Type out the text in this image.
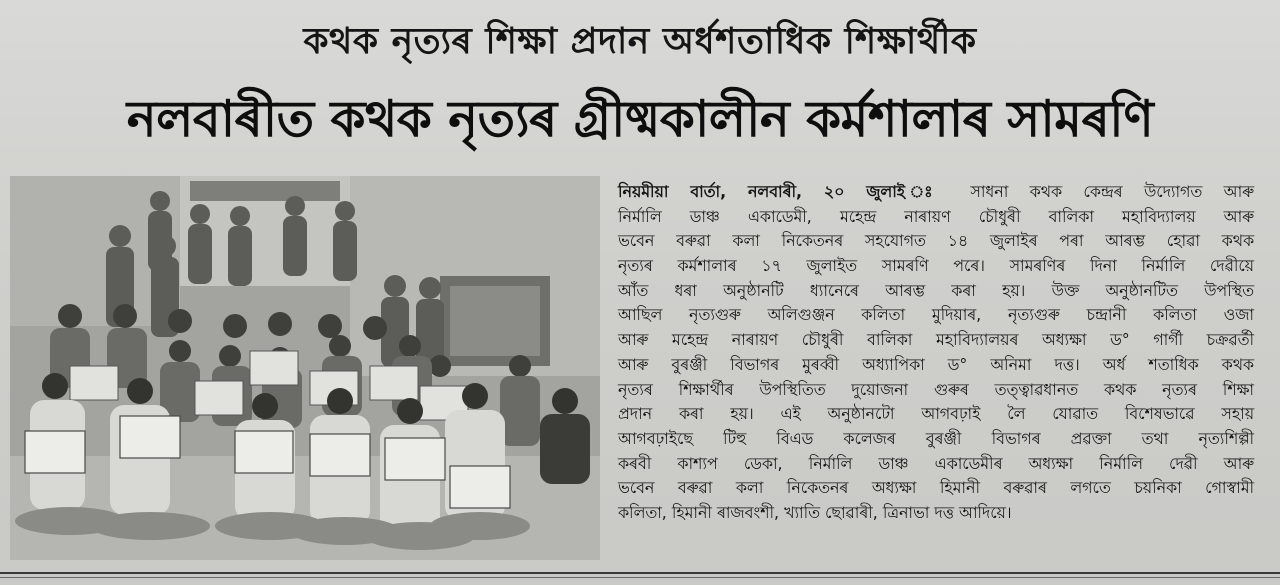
কথক নৃত্যৰ শিক্ষা প্ৰদান অৰ্ধশতাধিক শিক্ষাৰ্থীক
নলবাৰীত কথক নৃত্যৰ গ্ৰীষ্মকালীন কৰ্মশালাৰ সামৰণি
নিয়মীয়া বাৰ্তা, নলবাৰী, ২০ জুলাই ঃ সাধনা কথক কেন্দ্ৰৰ উদ্যোগত আৰু
নিৰ্মালি ডাঞ্চ একাডেমী, মহেন্দ্ৰ নাৰায়ণ চৌধুৰী বালিকা মহাবিদ্যালয় আৰু
ভবেন বৰুৱা কলা নিকেতনৰ সহযোগত ১৪ জুলাইৰ পৰা আৰম্ভ হোৱা কথক
নৃত্যৰ কৰ্মশালাৰ ১৭ জুলাইত সামৰণি পৰে। সামৰণিৰ দিনা নিৰ্মালি দেৱীয়ে
আঁত ধৰা অনুষ্ঠানটি ধ্যানেৰে আৰম্ভ কৰা হয়। উক্ত অনুষ্ঠানটিত উপস্থিত
আছিল নৃত্যগুৰু অলিগুঞ্জন কলিতা মুদিয়াৰ, নৃত্যগুৰু চন্দ্ৰানী কলিতা ওজা
আৰু মহেন্দ্ৰ নাৰায়ণ চৌধুৰী বালিকা মহাবিদ্যালয়ৰ অধ্যক্ষা ড° গাৰ্গী চক্ৰৱৰ্তী
আৰু বুৰঞ্জী বিভাগৰ মুৰব্বী অধ্যাপিকা ড° অনিমা দত্ত। অৰ্ধ শতাধিক কথক
নৃত্যৰ শিক্ষাৰ্থীৰ উপস্থিতিত দুয়োজনা গুৰুৰ তত্ত্বাৱধানত কথক নৃত্যৰ শিক্ষা
প্ৰদান কৰা হয়। এই অনুষ্ঠানটো আগবঢ়াই লৈ যোৱাত বিশেষভাৱে সহায়
আগবঢ়াইছে টিহু বিএড কলেজৰ বুৰঞ্জী বিভাগৰ প্ৰৱক্তা তথা নৃত্যশিল্পী
কৰবী কাশ্যপ ডেকা, নিৰ্মালি ডাঞ্চ একাডেমীৰ অধ্যক্ষা নিৰ্মালি দেৱী আৰু
ভবেন বৰুৱা কলা নিকেতনৰ অধ্যক্ষা হিমানী বৰুৱাৰ লগতে চয়নিকা গোস্বামী
কলিতা, হিমানী ৰাজবংশী, খ্যাতি ছোৱাৰী, ত্ৰিনাভা দত্ত আদিয়ে।
